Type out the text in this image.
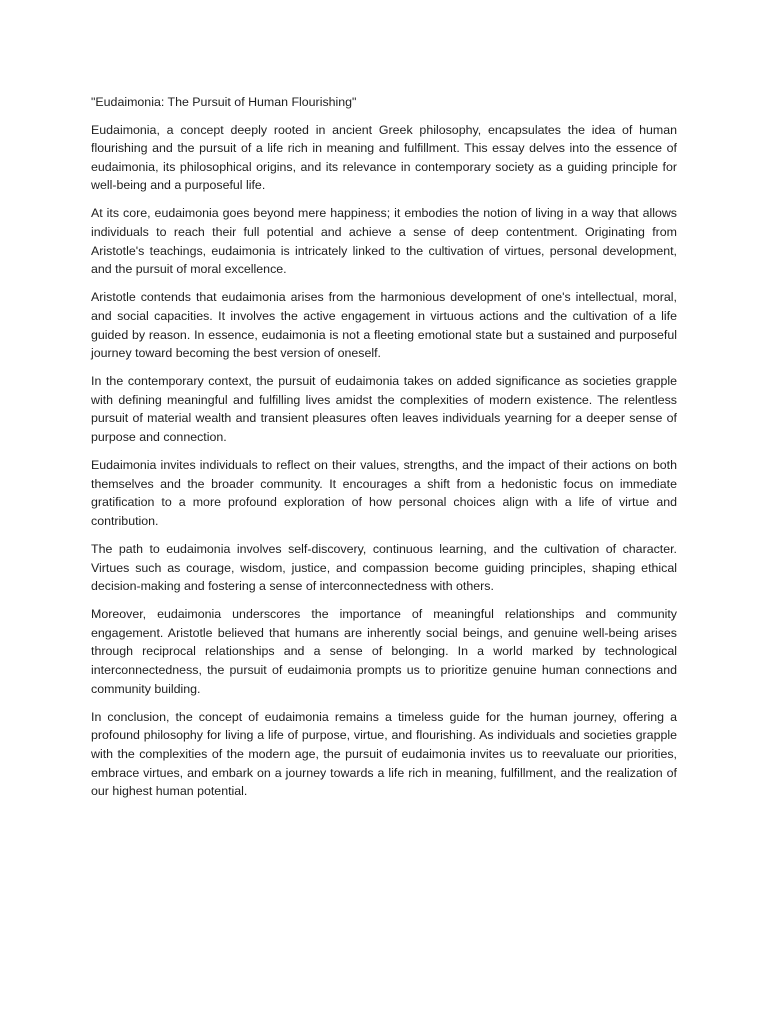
"Eudaimonia: The Pursuit of Human Flourishing"

Eudaimonia, a concept deeply rooted in ancient Greek philosophy, encapsulates the idea of human flourishing and the pursuit of a life rich in meaning and fulfillment. This essay delves into the essence of eudaimonia, its philosophical origins, and its relevance in contemporary society as a guiding principle for well-being and a purposeful life.

At its core, eudaimonia goes beyond mere happiness; it embodies the notion of living in a way that allows individuals to reach their full potential and achieve a sense of deep contentment. Originating from Aristotle's teachings, eudaimonia is intricately linked to the cultivation of virtues, personal development, and the pursuit of moral excellence.

Aristotle contends that eudaimonia arises from the harmonious development of one's intellectual, moral, and social capacities. It involves the active engagement in virtuous actions and the cultivation of a life guided by reason. In essence, eudaimonia is not a fleeting emotional state but a sustained and purposeful journey toward becoming the best version of oneself.

In the contemporary context, the pursuit of eudaimonia takes on added significance as societies grapple with defining meaningful and fulfilling lives amidst the complexities of modern existence. The relentless pursuit of material wealth and transient pleasures often leaves individuals yearning for a deeper sense of purpose and connection.

Eudaimonia invites individuals to reflect on their values, strengths, and the impact of their actions on both themselves and the broader community. It encourages a shift from a hedonistic focus on immediate gratification to a more profound exploration of how personal choices align with a life of virtue and contribution.

The path to eudaimonia involves self-discovery, continuous learning, and the cultivation of character. Virtues such as courage, wisdom, justice, and compassion become guiding principles, shaping ethical decision-making and fostering a sense of interconnectedness with others.

Moreover, eudaimonia underscores the importance of meaningful relationships and community engagement. Aristotle believed that humans are inherently social beings, and genuine well-being arises through reciprocal relationships and a sense of belonging. In a world marked by technological interconnectedness, the pursuit of eudaimonia prompts us to prioritize genuine human connections and community building.

In conclusion, the concept of eudaimonia remains a timeless guide for the human journey, offering a profound philosophy for living a life of purpose, virtue, and flourishing. As individuals and societies grapple with the complexities of the modern age, the pursuit of eudaimonia invites us to reevaluate our priorities, embrace virtues, and embark on a journey towards a life rich in meaning, fulfillment, and the realization of our highest human potential.
